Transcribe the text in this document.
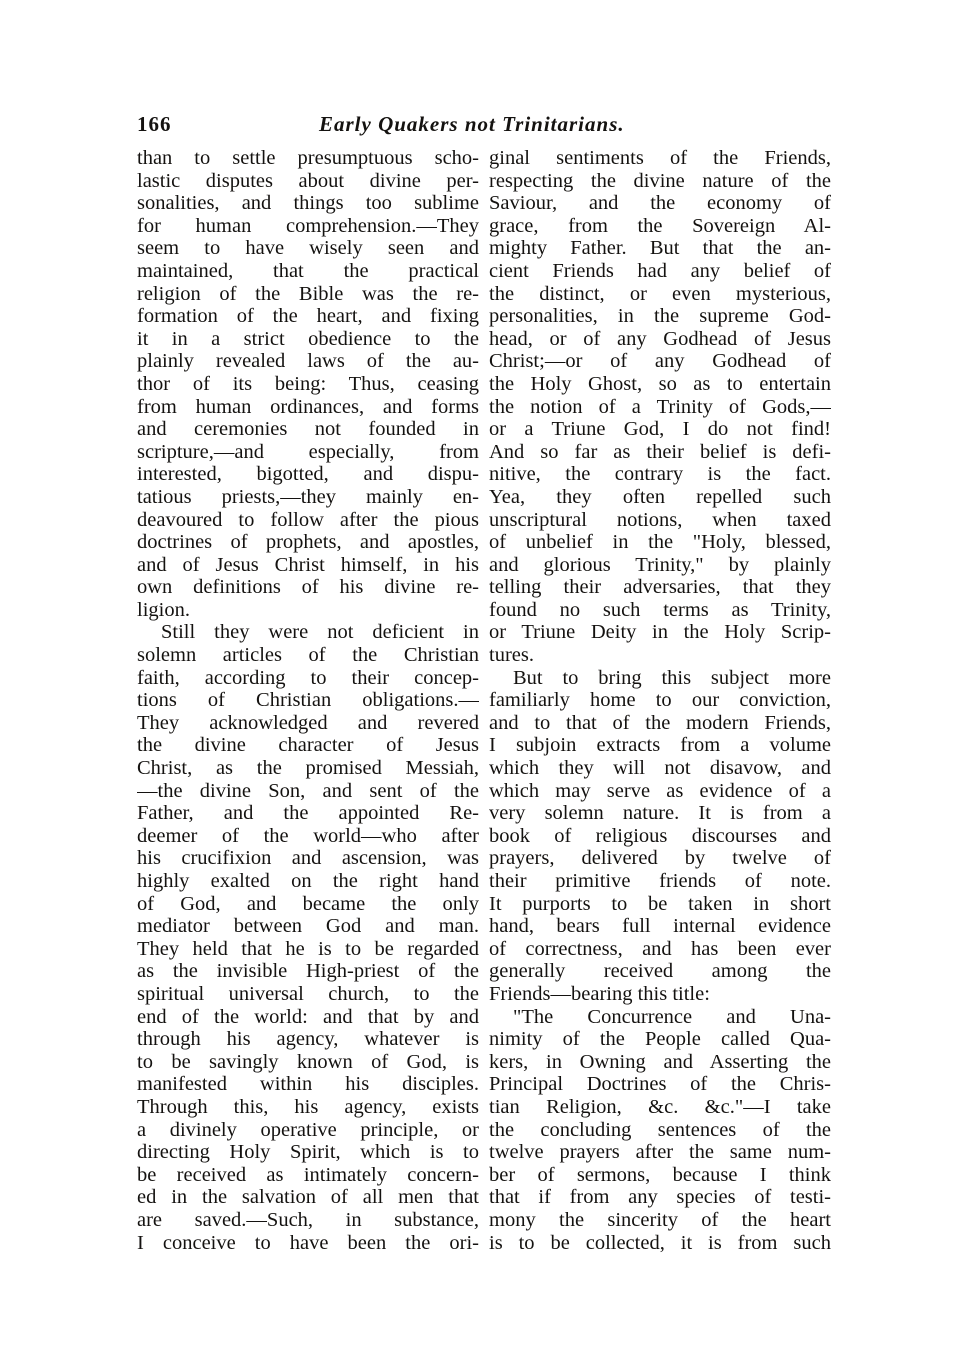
166	Early Quakers not Trinitarians.
than to settle presumptuous scho-
lastic disputes about divine per-
sonalities, and things too sublime
for human comprehension.—They
seem to have wisely seen and
maintained, that the practical
religion of the Bible was the re-
formation of the heart, and fixing
it in a strict obedience to the
plainly revealed laws of the au-
thor of its being: Thus, ceasing
from human ordinances, and forms
and ceremonies not founded in
scripture,—and especially, from
interested, bigotted, and dispu-
tatious priests,—they mainly en-
deavoured to follow after the pious
doctrines of prophets, and apostles,
and of Jesus Christ himself, in his
own definitions of his divine re-
ligion.
Still they were not deficient in
solemn articles of the Christian
faith, according to their concep-
tions of Christian obligations.—
They acknowledged and revered
the divine character of Jesus
Christ, as the promised Messiah,
—the divine Son, and sent of the
Father, and the appointed Re-
deemer of the world—who after
his crucifixion and ascension, was
highly exalted on the right hand
of God, and became the only
mediator between God and man.
They held that he is to be regarded
as the invisible High-priest of the
spiritual universal church, to the
end of the world: and that by and
through his agency, whatever is
to be savingly known of God, is
manifested within his disciples.
Through this, his agency, exists
a divinely operative principle, or
directing Holy Spirit, which is to
be received as intimately concern-
ed in the salvation of all men that
are saved.—Such, in substance,
I conceive to have been the ori-
ginal sentiments of the Friends,
respecting the divine nature of the
Saviour, and the economy of
grace, from the Sovereign Al-
mighty Father. But that the an-
cient Friends had any belief of
the distinct, or even mysterious,
personalities, in the supreme God-
head, or of any Godhead of Jesus
Christ;—or of any Godhead of
the Holy Ghost, so as to entertain
the notion of a Trinity of Gods,—
or a Triune God, I do not find!
And so far as their belief is defi-
nitive, the contrary is the fact.
Yea, they often repelled such
unscriptural notions, when taxed
of unbelief in the "Holy, blessed,
and glorious Trinity," by plainly
telling their adversaries, that they
found no such terms as Trinity,
or Triune Deity in the Holy Scrip-
tures.
But to bring this subject more
familiarly home to our conviction,
and to that of the modern Friends,
I subjoin extracts from a volume
which they will not disavow, and
which may serve as evidence of a
very solemn nature. It is from a
book of religious discourses and
prayers, delivered by twelve of
their primitive friends of note.
It purports to be taken in short
hand, bears full internal evidence
of correctness, and has been ever
generally received among the
Friends—bearing this title:
"The Concurrence and Una-
nimity of the People called Qua-
kers, in Owning and Asserting the
Principal Doctrines of the Chris-
tian Religion, &c. &c."—I take
the concluding sentences of the
twelve prayers after the same num-
ber of sermons, because I think
that if from any species of testi-
mony the sincerity of the heart
is to be collected, it is from such
